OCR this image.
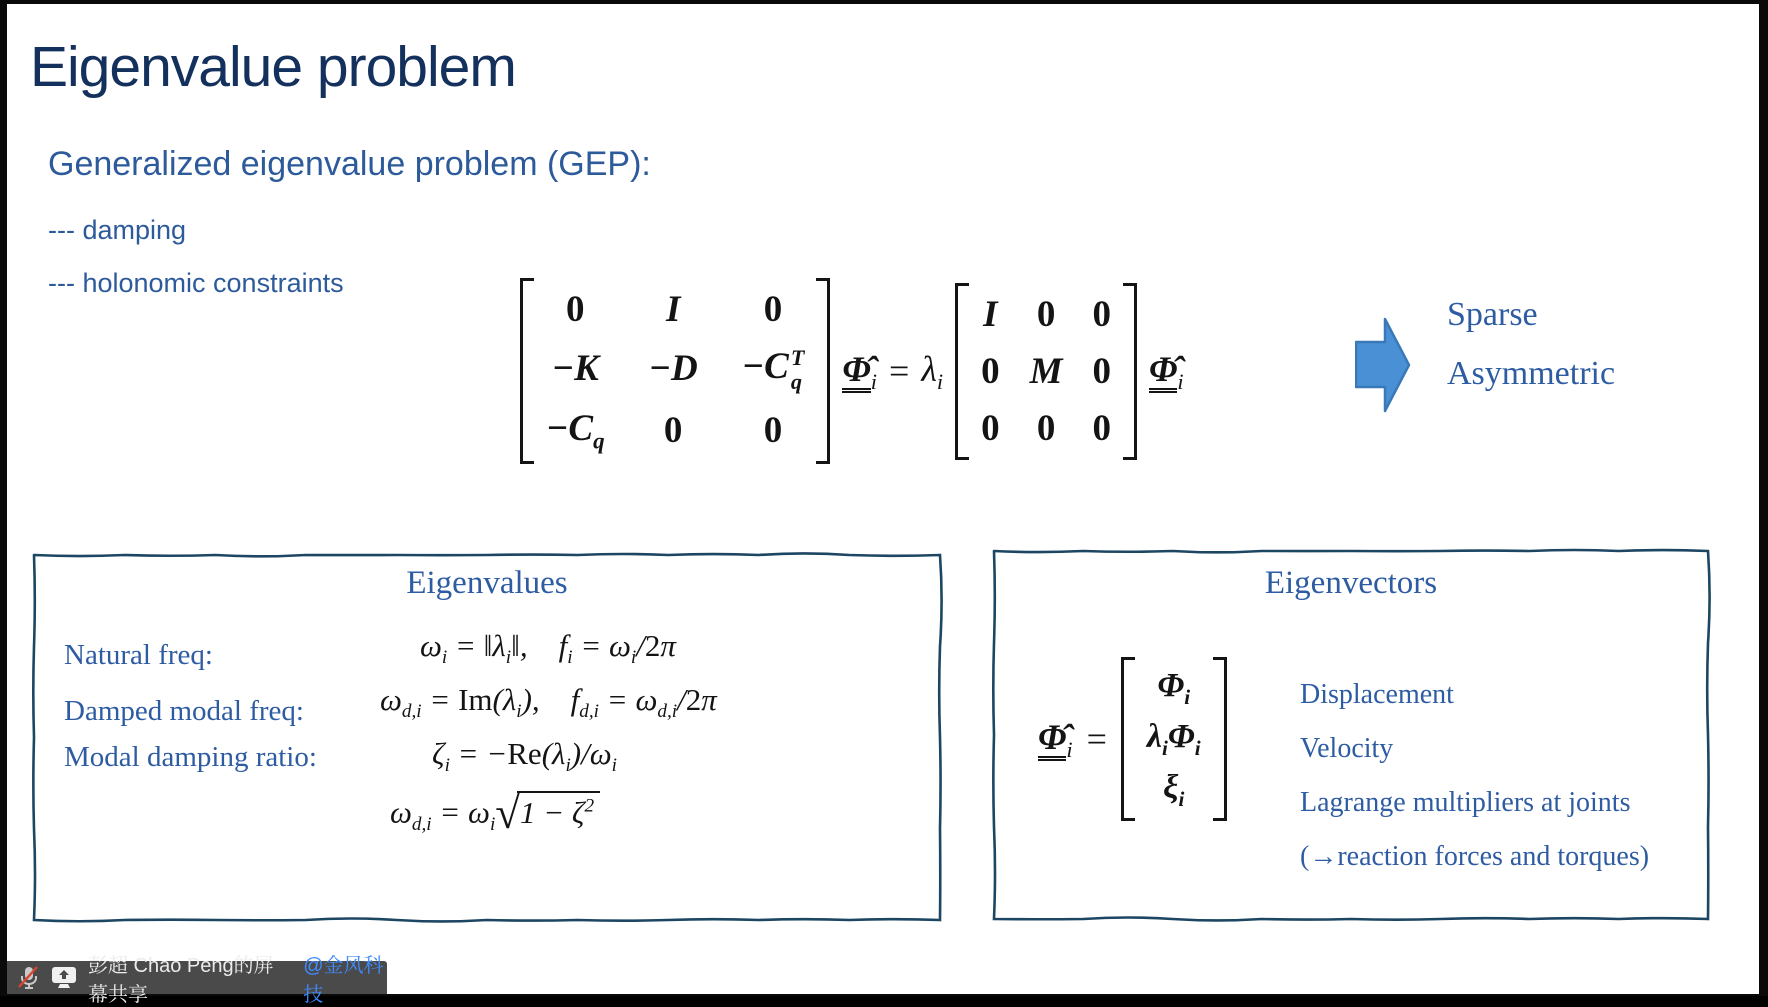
Eigenvalue problem
Generalized eigenvalue problem (GEP):
--- damping
--- holonomic constraints
0 I 0
−K −D −C T
q
$-C_q$ 0 0
$\Phî_i = \lambda_i$
I 0 0
0 M 0
0 0 0
$\Phî_i$
Sparse
Asymmetric
Eigenvalues
Natural freq:
Damped modal freq:
Modal damping ratio:
$\omega_i$ = $‖\lambda_i‖$,  $f_i = \omega_i/2\pi$
$\omega_{d,i} = Im(\lambda_i)$,  $f_{d,i} = \omega_{d,i}/2\pi$
$\zeta_i = -Re(\lambda_i)/\omega_i$
$\omega_{d,i} = \omega_i√1 - \zeta^2$
Eigenvectors
$\Phî_i$ =
$\Phi_i$
$\lambda_i\Phi_i$
$\xi_i$
Displacement
Velocity
Lagrange multipliers at joints
(→reaction forces and torques)
彭超 Chao Peng的屏幕共享
@金风科技
